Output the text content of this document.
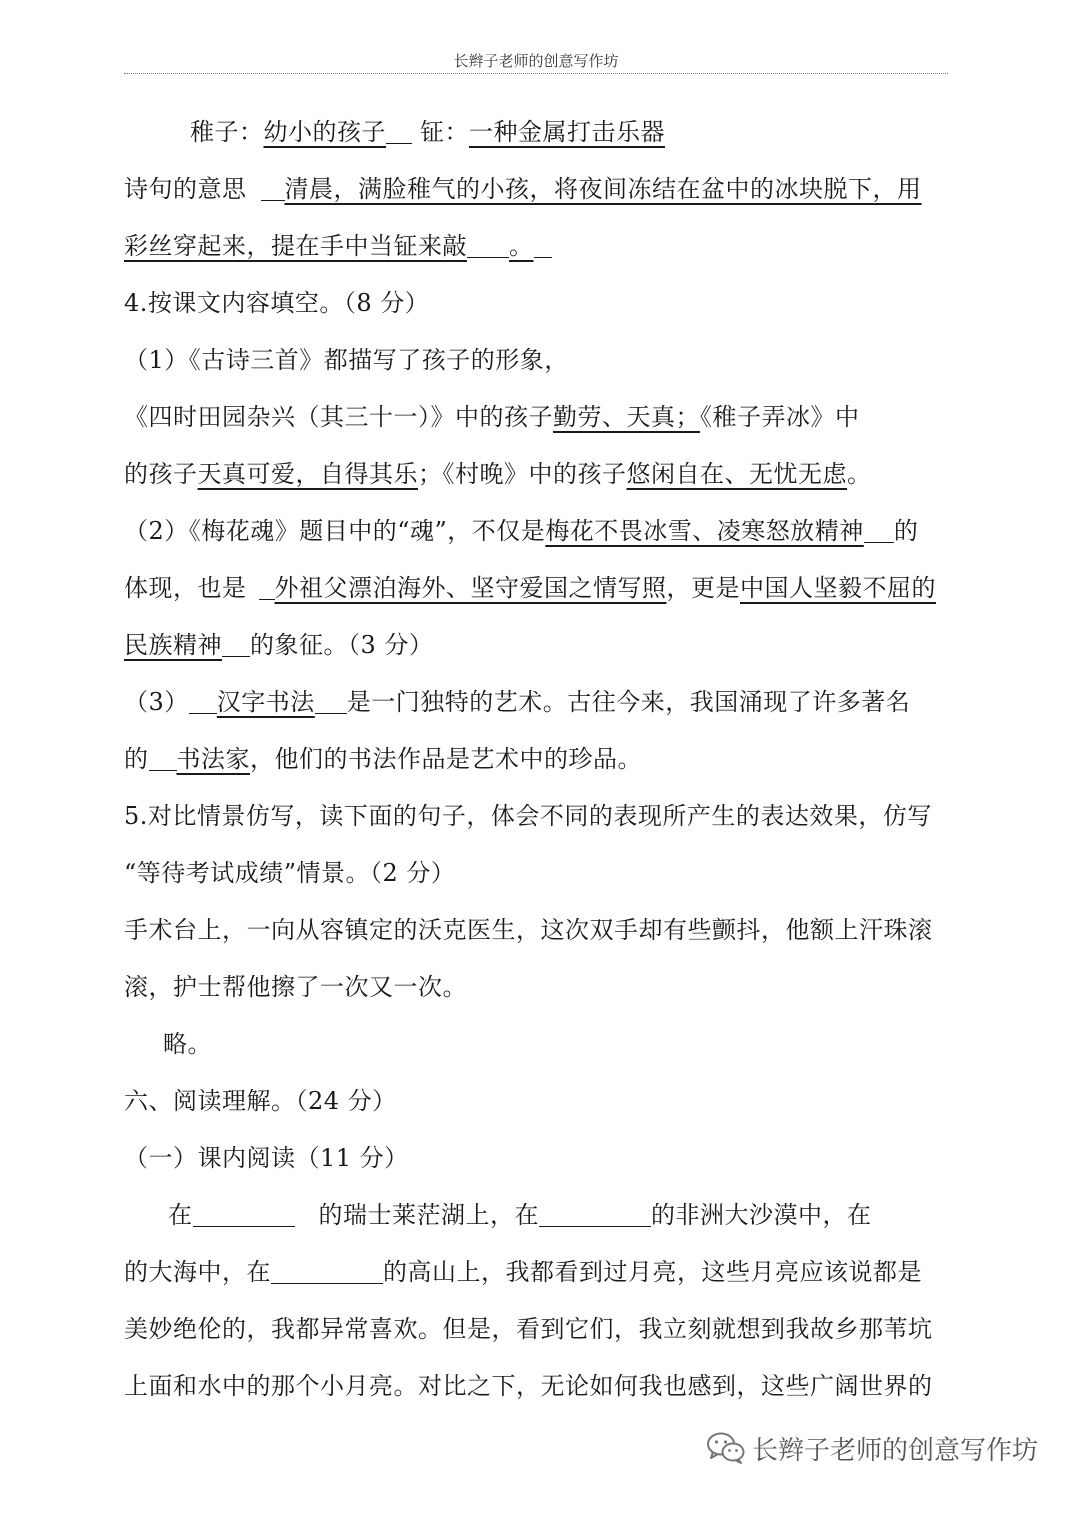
长辫子老师的创意写作坊
稚子：幼小的孩子 钲：一种金属打击乐器
诗句的意思 清晨，满脸稚气的小孩，将夜间冻结在盆中的冰块脱下，用
彩丝穿起来，提在手中当钲来敲 。
4.按课文内容填空。（8 分）
（1）《古诗三首》都描写了孩子的形象，
《四时田园杂兴（其三十一）》中的孩子勤劳、天真；《稚子弄冰》中
的孩子天真可爱，自得其乐；《村晚》中的孩子悠闲自在、无忧无虑。
（2）《梅花魂》题目中的“魂”，不仅是梅花不畏冰雪、凌寒怒放精神 的
体现，也是 外祖父漂泊海外、坚守爱国之情写照，更是中国人坚毅不屈的
民族精神 的象征。（3 分）
（3） 汉字书法 是一门独特的艺术。古往今来，我国涌现了许多著名
的 书法家，他们的书法作品是艺术中的珍品。
5.对比情景仿写，读下面的句子，体会不同的表现所产生的表达效果，仿写
“等待考试成绩”情景。（2 分）
手术台上，一向从容镇定的沃克医生，这次双手却有些颤抖，他额上汗珠滚
滚，护士帮他擦了一次又一次。
略。
六、阅读理解。（24 分）
（一）课内阅读（11 分）
在	的瑞士莱茫湖上，在	的非洲大沙漠中，在
的大海中，在	的高山上，我都看到过月亮，这些月亮应该说都是
美妙绝伦的，我都异常喜欢。但是，看到它们，我立刻就想到我故乡那苇坑
上面和水中的那个小月亮。对比之下，无论如何我也感到，这些广阔世界的
长辫子老师的创意写作坊
